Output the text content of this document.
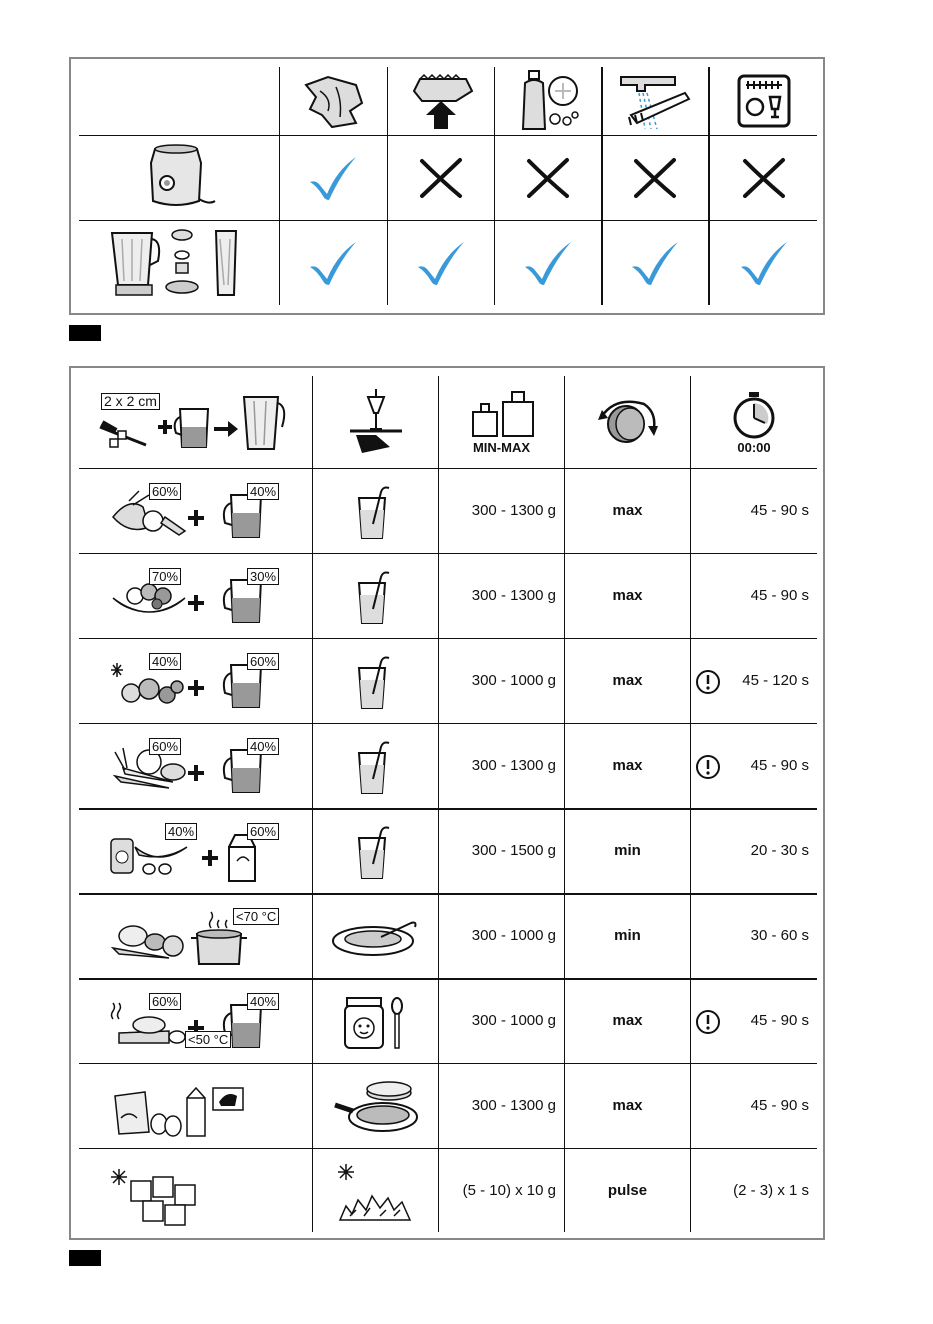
2 x 2 cm
MIN-MAX	00:00
60%	40%
300 - 1300 g	max	45 - 90 s
70%	30%
300 - 1300 g	max	45 - 90 s
40%	60%
300 - 1000 g	max	45 - 120 s
60%	40%
300 - 1300 g	max	45 - 90 s
40%	60%
300 - 1500 g	min	20 - 30 s
<70 °C
300 - 1000 g	min	30 - 60 s
60%	40%
<50 °C
300 - 1000 g	max	45 - 90 s
300 - 1300 g	max	45 - 90 s
(5 - 10) x 10 g	pulse	(2 - 3) x 1 s
